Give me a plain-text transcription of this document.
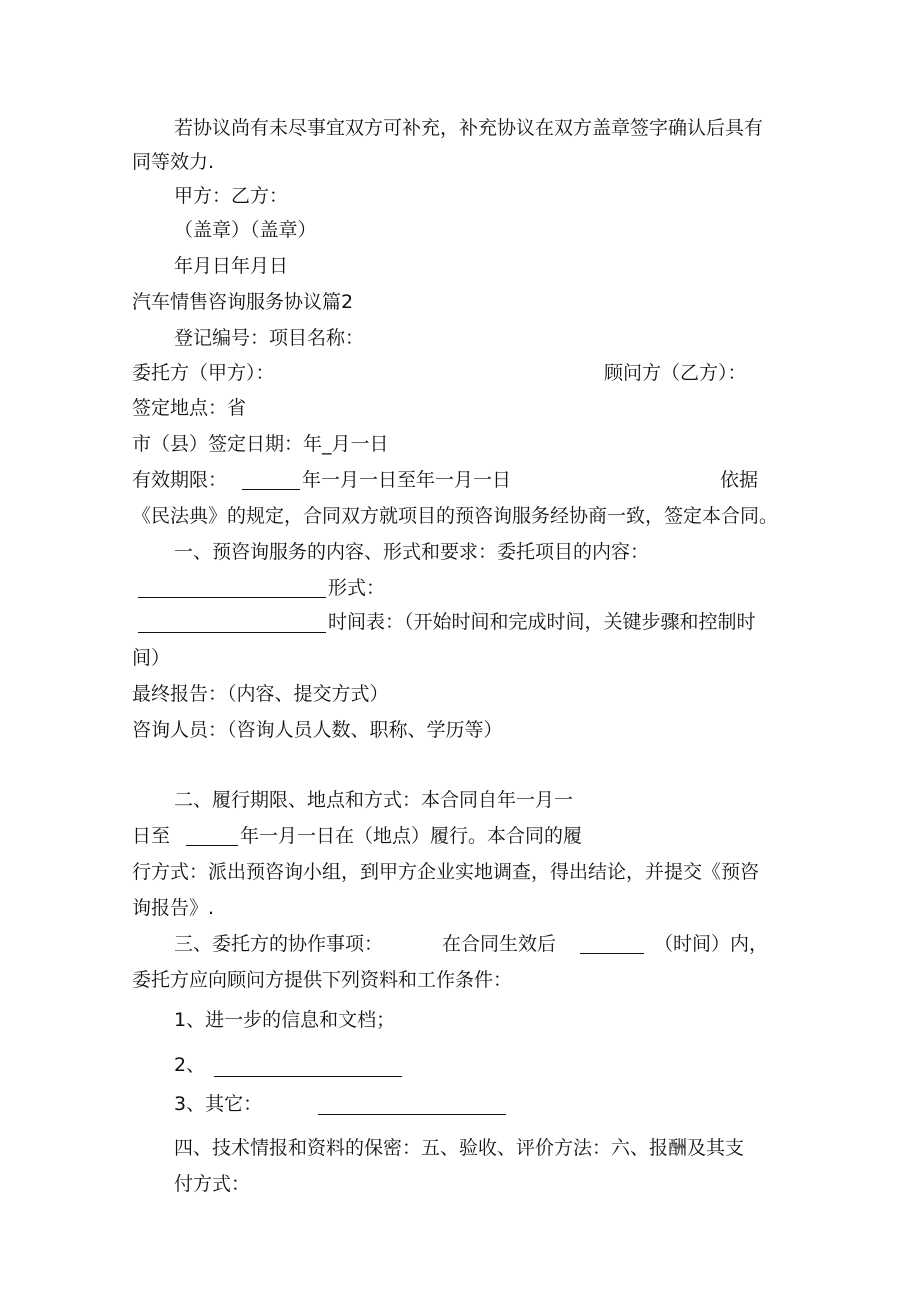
若协议尚有未尽事宜双方可补充，补充协议在双方盖章签字确认后具有
同等效力.
甲方：乙方：
（盖章）（盖章）
年月日年月日
汽车情售咨询服务协议篇2
登记编号：项目名称：
委托方（甲方）：	顾问方（乙方）：
签定地点：省
市（县）签定日期：年_月一日
有效期限：	年一月一日至年一月一日	依据
《民法典》的规定，合同双方就项目的预咨询服务经协商一致，签定本合同。
一、预咨询服务的内容、形式和要求：委托项目的内容：
形式：
时间表：（开始时间和完成时间，关键步骤和控制时
间）
最终报告：（内容、提交方式）
咨询人员：（咨询人员人数、职称、学历等）
二、履行期限、地点和方式：本合同自年一月一
日至	年一月一日在（地点）履行。本合同的履
行方式：派出预咨询小组，到甲方企业实地调查，得出结论，并提交《预咨
询报告》.
三、委托方的协作事项：	在合同生效后	（时间）内，
委托方应向顾问方提供下列资料和工作条件：
1、进一步的信息和文档；
2、
3、其它：
四、技术情报和资料的保密：五、验收、评价方法：六、报酬及其支
付方式：
